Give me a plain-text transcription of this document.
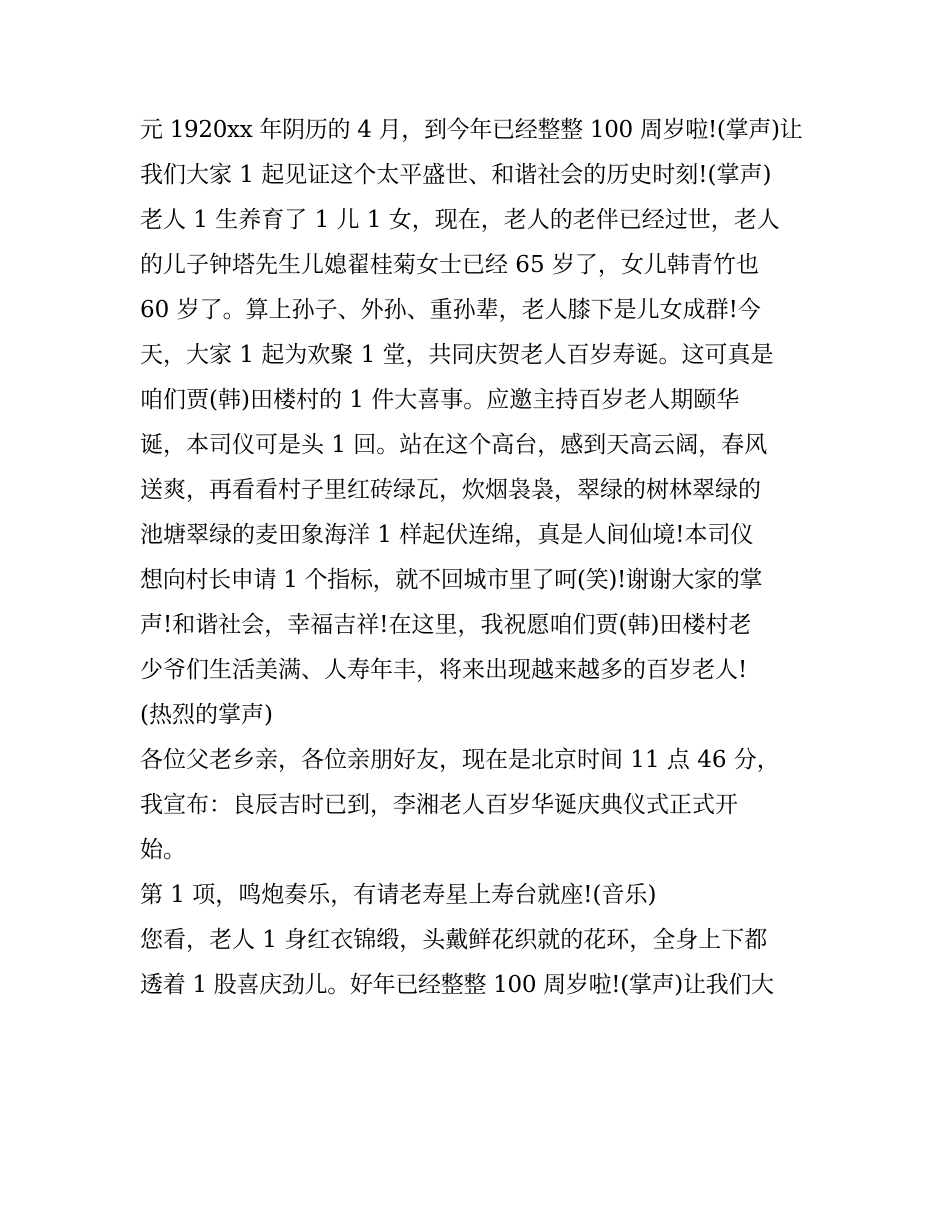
元 1920xx 年阴历的 4 月，到今年已经整整 100 周岁啦!(掌声)让
我们大家 1 起见证这个太平盛世、和谐社会的历史时刻!(掌声)
老人 1 生养育了 1 儿 1 女，现在，老人的老伴已经过世，老人
的儿子钟塔先生儿媳翟桂菊女士已经 65 岁了，女儿韩青竹也
60 岁了。算上孙子、外孙、重孙辈，老人膝下是儿女成群!今
天，大家 1 起为欢聚 1 堂，共同庆贺老人百岁寿诞。这可真是
咱们贾(韩)田楼村的 1 件大喜事。应邀主持百岁老人期颐华
诞，本司仪可是头 1 回。站在这个高台，感到天高云阔，春风
送爽，再看看村子里红砖绿瓦，炊烟袅袅，翠绿的树林翠绿的
池塘翠绿的麦田象海洋 1 样起伏连绵，真是人间仙境!本司仪
想向村长申请 1 个指标，就不回城市里了呵(笑)!谢谢大家的掌
声!和谐社会，幸福吉祥!在这里，我祝愿咱们贾(韩)田楼村老
少爷们生活美满、人寿年丰，将来出现越来越多的百岁老人!
(热烈的掌声)
各位父老乡亲，各位亲朋好友，现在是北京时间 11 点 46 分，
我宣布：良辰吉时已到，李湘老人百岁华诞庆典仪式正式开
始。
第 1 项，鸣炮奏乐，有请老寿星上寿台就座!(音乐)
您看，老人 1 身红衣锦缎，头戴鲜花织就的花环，全身上下都
透着 1 股喜庆劲儿。好年已经整整 100 周岁啦!(掌声)让我们大
